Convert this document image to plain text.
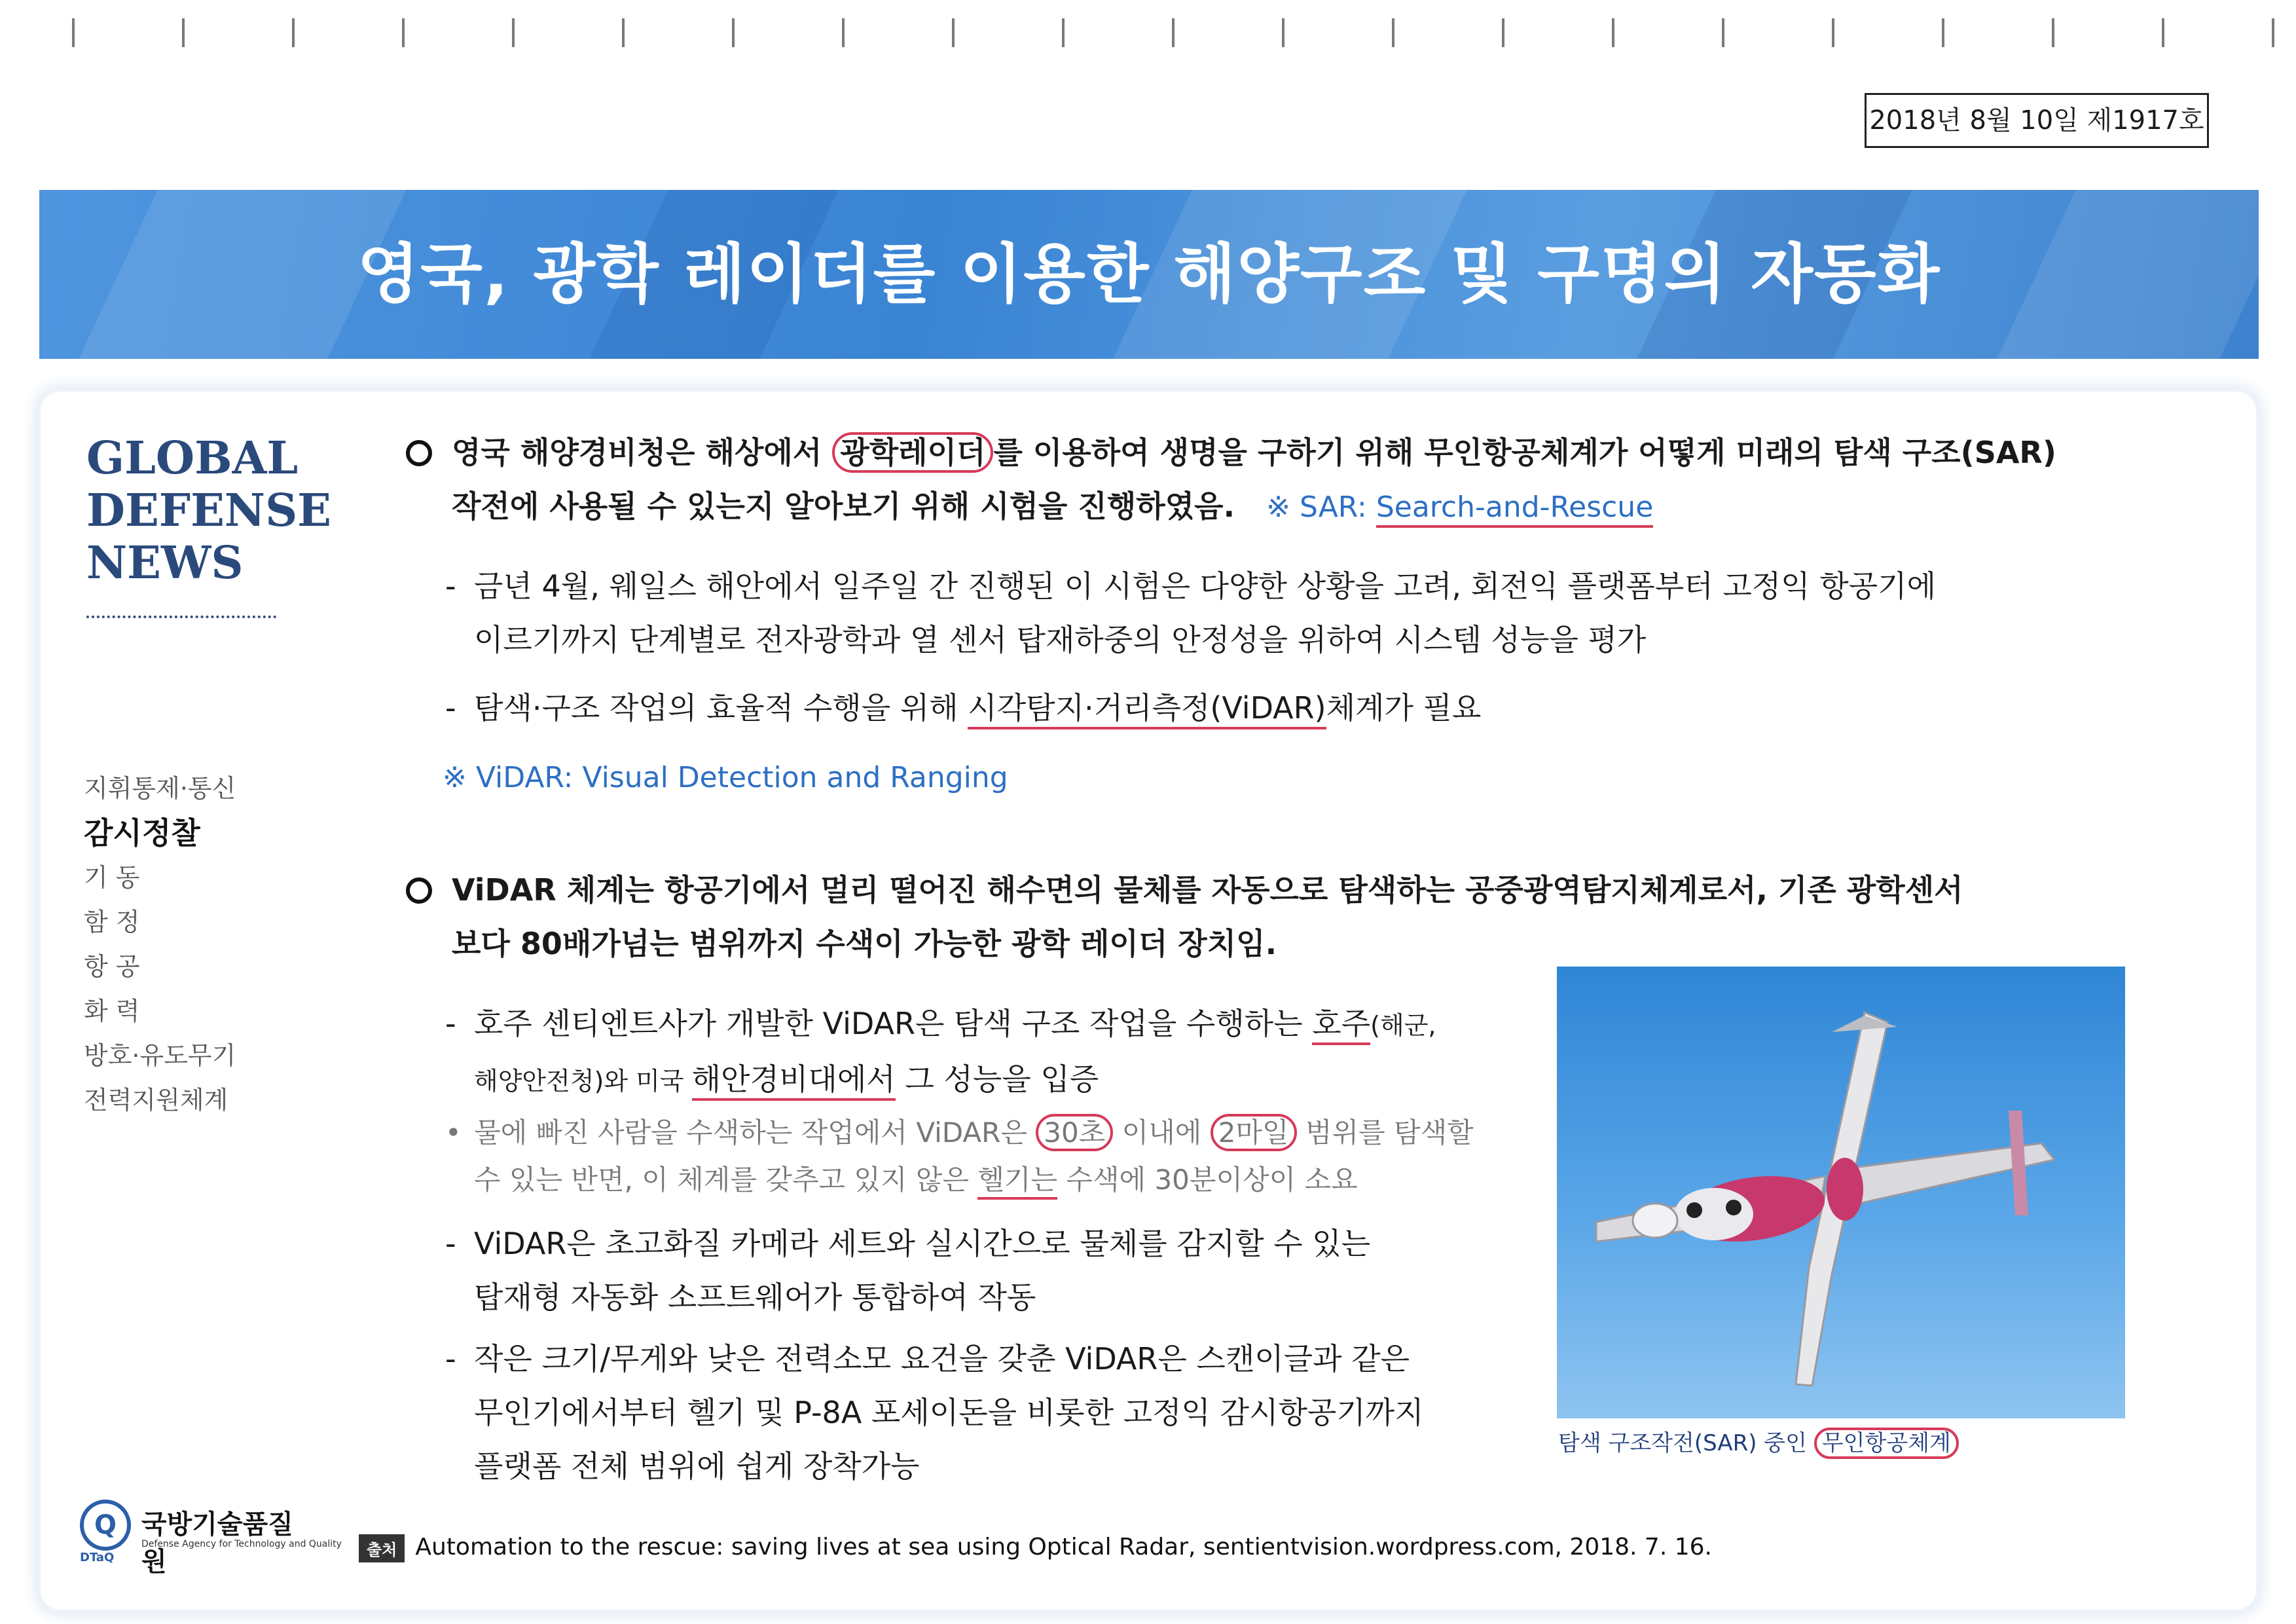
2018년 8월 10일 제1917호
영국, 광학 레이더를 이용한 해양구조 및 구명의 자동화
GLOBAL
DEFENSE
NEWS
지휘통제·통신
감시정찰
기 동
함 정
항 공
화 력
방호·유도무기
전력지원체계
Q
DTaQ
국방기술품질원
Defense Agency for Technology and Quality
영국 해양경비청은 해상에서 광학레이더 를 이용하여 생명을 구하기 위해 무인항공체계가 어떻게 미래의 탐색 구조(SAR)
작전에 사용될 수 있는지 알아보기 위해 시험을 진행하였음. ※ SAR: Search-and-Rescue
- 금년 4월, 웨일스 해안에서 일주일 간 진행된 이 시험은 다양한 상황을 고려, 회전익 플랫폼부터 고정익 항공기에
이르기까지 단계별로 전자광학과 열 센서 탑재하중의 안정성을 위하여 시스템 성능을 평가
- 탐색·구조 작업의 효율적 수행을 위해 시각탐지·거리측정(ViDAR)체계가 필요
※ ViDAR: Visual Detection and Ranging
ViDAR 체계는 항공기에서 멀리 떨어진 해수면의 물체를 자동으로 탐색하는 공중광역탐지체계로서, 기존 광학센서
보다 80배가넘는 범위까지 수색이 가능한 광학 레이더 장치임.
- 호주 센티엔트사가 개발한 ViDAR은 탐색 구조 작업을 수행하는 호주(해군,
해양안전청)와 미국 해안경비대에서 그 성능을 입증
• 물에 빠진 사람을 수색하는 작업에서 ViDAR은 30초 이내에 2마일 범위를 탐색할
수 있는 반면, 이 체계를 갖추고 있지 않은 헬기는 수색에 30분이상이 소요
- ViDAR은 초고화질 카메라 세트와 실시간으로 물체를 감지할 수 있는
탑재형 자동화 소프트웨어가 통합하여 작동
- 작은 크기/무게와 낮은 전력소모 요건을 갖춘 ViDAR은 스캔이글과 같은
무인기에서부터 헬기 및 P-8A 포세이돈을 비롯한 고정익 감시항공기까지
플랫폼 전체 범위에 쉽게 장착가능
탐색 구조작전(SAR) 중인 무인항공체계
출처 Automation to the rescue: saving lives at sea using Optical Radar, sentientvision.wordpress.com, 2018. 7. 16.
